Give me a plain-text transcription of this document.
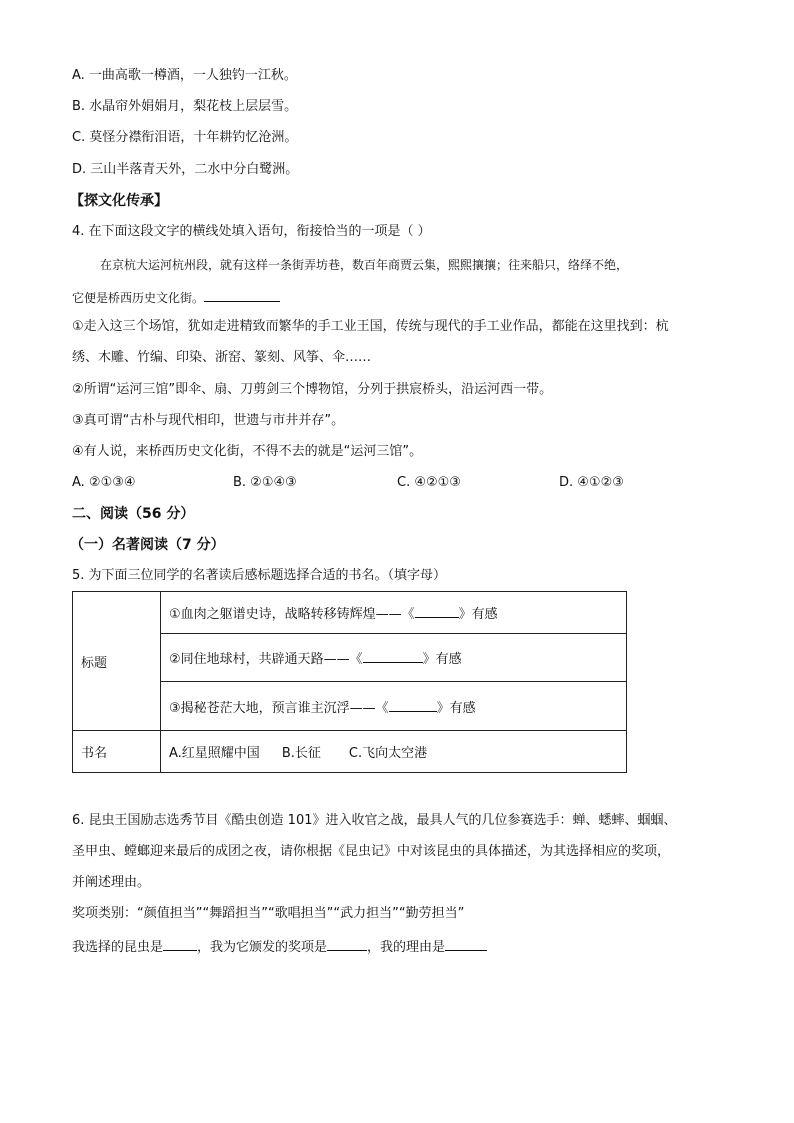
A. 一曲高歌一樽酒，一人独钓一江秋。
B. 水晶帘外娟娟月，梨花枝上层层雪。
C. 莫怪分襟衔泪语，十年耕钓忆沧洲。
D. 三山半落青天外，二水中分白鹭洲。
【探文化传承】
4. 在下面这段文字的横线处填入语句，衔接恰当的一项是（ ）
在京杭大运河杭州段，就有这样一条街弄坊巷，数百年商贾云集，熙熙攘攘；往来船只，络绎不绝，
它便是桥西历史文化街。
①走入这三个场馆，犹如走进精致而繁华的手工业王国，传统与现代的手工业作品，都能在这里找到：杭
绣、木雕、竹编、印染、浙窑、篆刻、风筝、伞……
②所谓“运河三馆”即伞、扇、刀剪剑三个博物馆，分列于拱宸桥头，沿运河西一带。
③真可谓“古朴与现代相印，世遗与市井并存”。
④有人说，来桥西历史文化街，不得不去的就是“运河三馆”。
A. ②①③④	B. ②①④③	C. ④②①③	D. ④①②③
二、阅读（56 分）
（一）名著阅读（7 分）
5. 为下面三位同学的名著读后感标题选择合适的书名。（填字母）
标题	①血肉之躯谱史诗，战略转移铸辉煌——《 》有感
	②同住地球村，共辟通天路——《 》有感
	③揭秘苍茫大地，预言谁主沉浮——《 》有感
书名	A.红星照耀中国 B.长征 C.飞向太空港
6. 昆虫王国励志选秀节目《酷虫创造 101》进入收官之战，最具人气的几位参赛选手：蝉、蟋蟀、蝈蝈、
圣甲虫、螳螂迎来最后的成团之夜，请你根据《昆虫记》中对该昆虫的具体描述，为其选择相应的奖项，
并阐述理由。
奖项类别：“颜值担当”“舞蹈担当”“歌唱担当”“武力担当”“勤劳担当”
我选择的昆虫是	，我为它颁发的奖项是	，我的理由是
